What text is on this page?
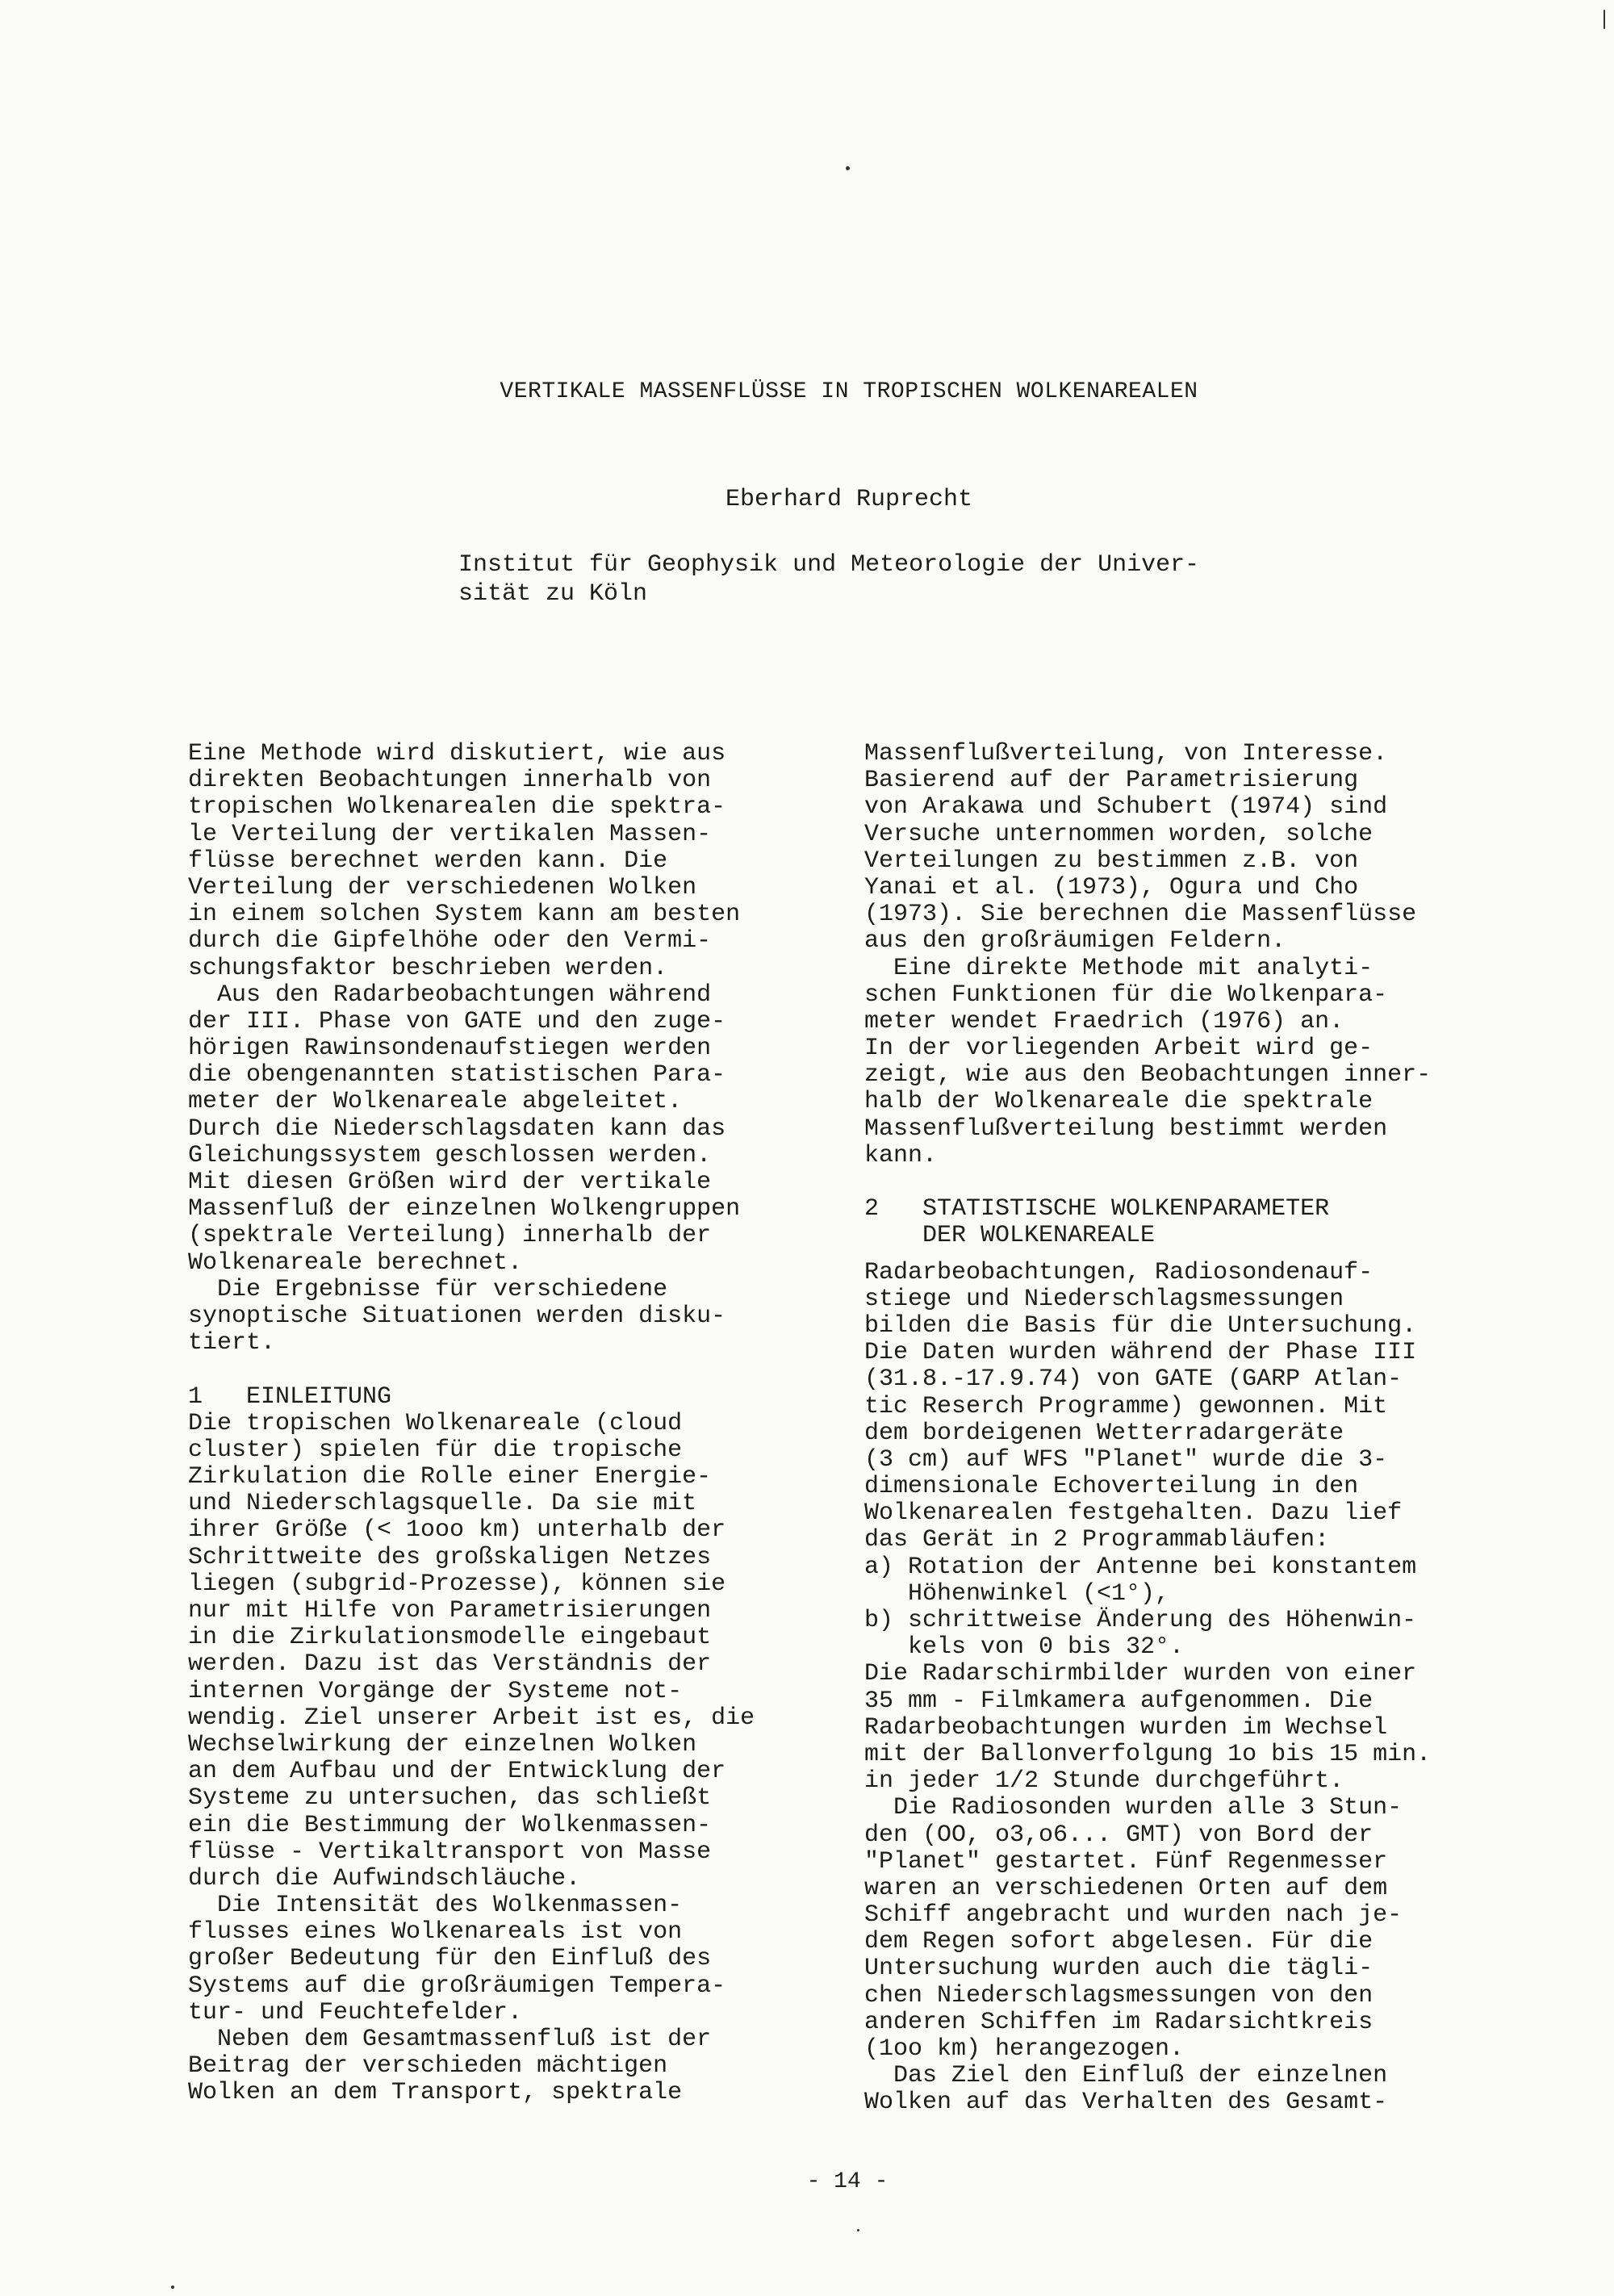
VERTIKALE MASSENFLÜSSE IN TROPISCHEN WOLKENAREALEN
Eberhard Ruprecht
Institut für Geophysik und Meteorologie der Univer-
sität zu Köln
Eine Methode wird diskutiert, wie aus
direkten Beobachtungen innerhalb von
tropischen Wolkenarealen die spektra-
le Verteilung der vertikalen Massen-
flüsse berechnet werden kann. Die
Verteilung der verschiedenen Wolken
in einem solchen System kann am besten
durch die Gipfelhöhe oder den Vermi-
schungsfaktor beschrieben werden.
Aus den Radarbeobachtungen während
der III. Phase von GATE und den zuge-
hörigen Rawinsondenaufstiegen werden
die obengenannten statistischen Para-
meter der Wolkenareale abgeleitet.
Durch die Niederschlagsdaten kann das
Gleichungssystem geschlossen werden.
Mit diesen Größen wird der vertikale
Massenfluß der einzelnen Wolkengruppen
(spektrale Verteilung) innerhalb der
Wolkenareale berechnet.
Die Ergebnisse für verschiedene
synoptische Situationen werden disku-
tiert.
1   EINLEITUNG
Die tropischen Wolkenareale (cloud
cluster) spielen für die tropische
Zirkulation die Rolle einer Energie-
und Niederschlagsquelle. Da sie mit
ihrer Größe (< 1ooo km) unterhalb der
Schrittweite des großskaligen Netzes
liegen (subgrid-Prozesse), können sie
nur mit Hilfe von Parametrisierungen
in die Zirkulationsmodelle eingebaut
werden. Dazu ist das Verständnis der
internen Vorgänge der Systeme not-
wendig. Ziel unserer Arbeit ist es, die
Wechselwirkung der einzelnen Wolken
an dem Aufbau und der Entwicklung der
Systeme zu untersuchen, das schließt
ein die Bestimmung der Wolkenmassen-
flüsse - Vertikaltransport von Masse
durch die Aufwindschläuche.
Die Intensität des Wolkenmassen-
flusses eines Wolkenareals ist von
großer Bedeutung für den Einfluß des
Systems auf die großräumigen Tempera-
tur- und Feuchtefelder.
Neben dem Gesamtmassenfluß ist der
Beitrag der verschieden mächtigen
Wolken an dem Transport, spektrale
Massenflußverteilung, von Interesse.
Basierend auf der Parametrisierung
von Arakawa und Schubert (1974) sind
Versuche unternommen worden, solche
Verteilungen zu bestimmen z.B. von
Yanai et al. (1973), Ogura und Cho
(1973). Sie berechnen die Massenflüsse
aus den großräumigen Feldern.
Eine direkte Methode mit analyti-
schen Funktionen für die Wolkenpara-
meter wendet Fraedrich (1976) an.
In der vorliegenden Arbeit wird ge-
zeigt, wie aus den Beobachtungen inner-
halb der Wolkenareale die spektrale
Massenflußverteilung bestimmt werden
kann.
2   STATISTISCHE WOLKENPARAMETER
DER WOLKENAREALE
Radarbeobachtungen, Radiosondenauf-
stiege und Niederschlagsmessungen
bilden die Basis für die Untersuchung.
Die Daten wurden während der Phase III
(31.8.-17.9.74) von GATE (GARP Atlan-
tic Reserch Programme) gewonnen. Mit
dem bordeigenen Wetterradargeräte
(3 cm) auf WFS "Planet" wurde die 3-
dimensionale Echoverteilung in den
Wolkenarealen festgehalten. Dazu lief
das Gerät in 2 Programmabläufen:
a) Rotation der Antenne bei konstantem
Höhenwinkel (<1°),
b) schrittweise Änderung des Höhenwin-
kels von 0 bis 32°.
Die Radarschirmbilder wurden von einer
35 mm - Filmkamera aufgenommen. Die
Radarbeobachtungen wurden im Wechsel
mit der Ballonverfolgung 1o bis 15 min.
in jeder 1/2 Stunde durchgeführt.
Die Radiosonden wurden alle 3 Stun-
den (OO, o3,o6... GMT) von Bord der
"Planet" gestartet. Fünf Regenmesser
waren an verschiedenen Orten auf dem
Schiff angebracht und wurden nach je-
dem Regen sofort abgelesen. Für die
Untersuchung wurden auch die tägli-
chen Niederschlagsmessungen von den
anderen Schiffen im Radarsichtkreis
(1oo km) herangezogen.
Das Ziel den Einfluß der einzelnen
Wolken auf das Verhalten des Gesamt-
- 14 -
